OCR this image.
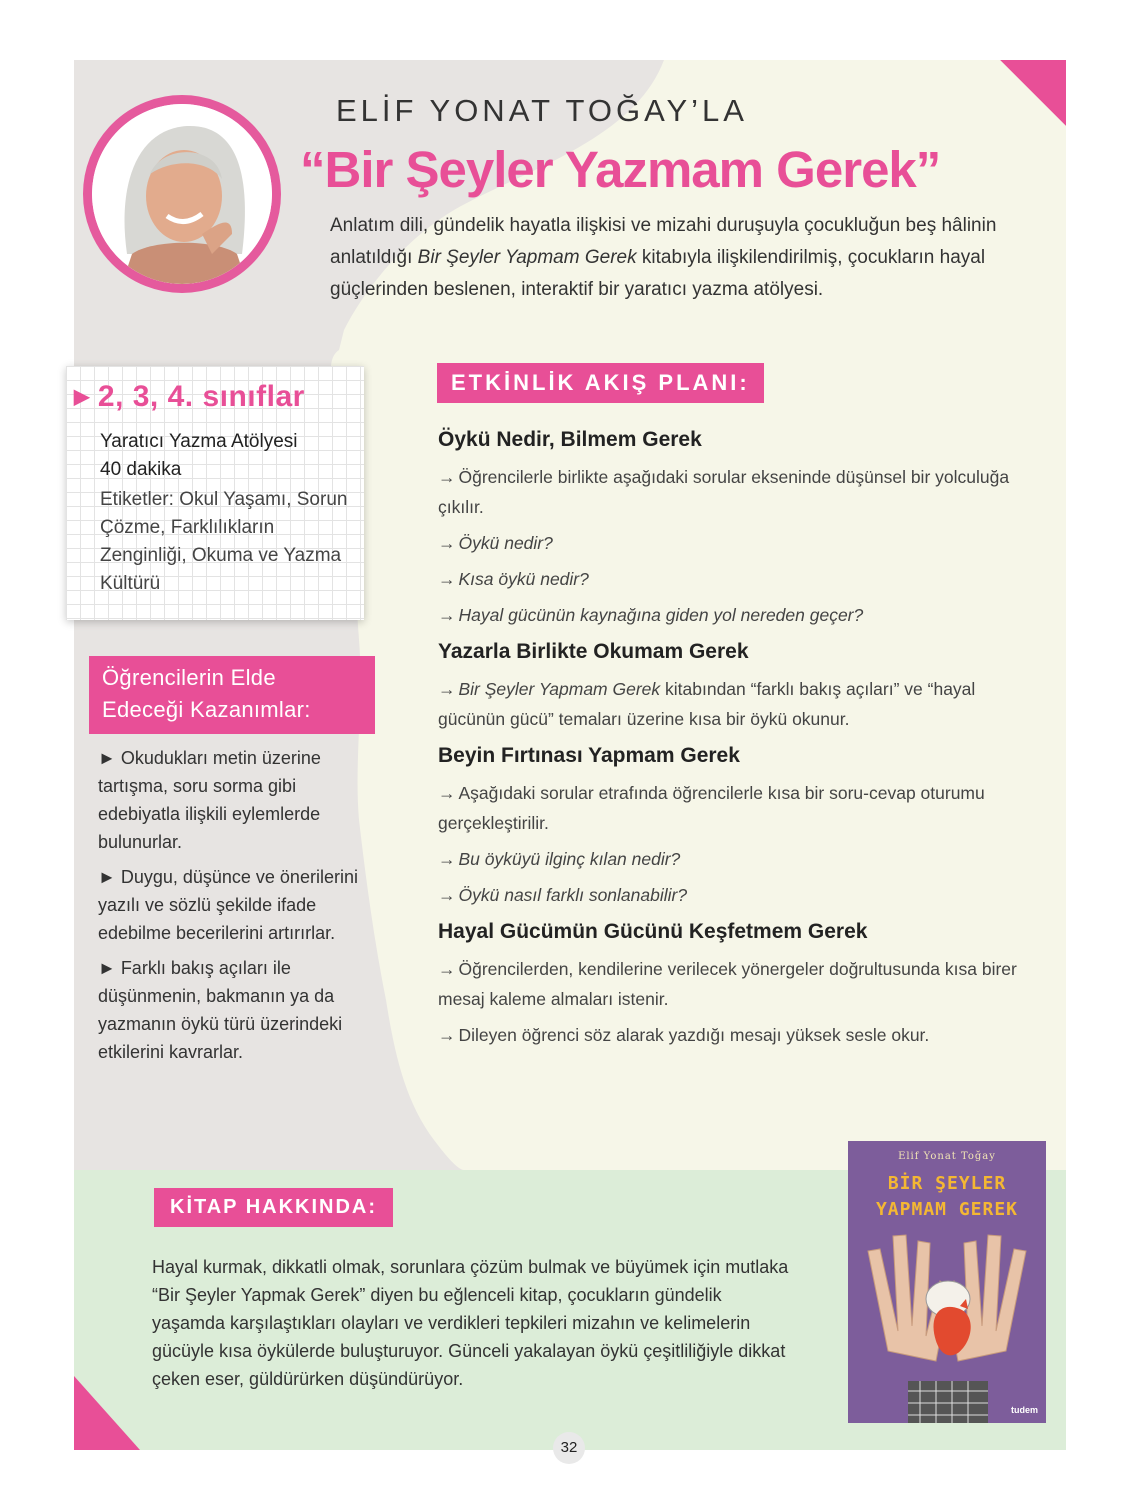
ELİF YONAT TOĞAY’LA
“Bir Şeyler Yazmam Gerek”

Anlatım dili, gündelik hayatla ilişkisi ve mizahi duruşuyla çocukluğun beş hâlinin anlatıldığı Bir Şeyler Yapmam Gerek kitabıyla ilişkilendirilmiş, çocukların hayal güçlerinden beslenen, interaktif bir yaratıcı yazma atölyesi.

▶ 2, 3, 4. sınıflar
Yaratıcı Yazma Atölyesi
40 dakika
Etiketler: Okul Yaşamı, Sorun Çözme, Farklılıkların Zenginliği, Okuma ve Yazma Kültürü
Öğrencilerin Elde Edeceği Kazanımlar:
► Okudukları metin üzerine tartışma, soru sorma gibi edebiyatla ilişkili eylemlerde bulunurlar.
► Duygu, düşünce ve önerilerini yazılı ve sözlü şekilde ifade edebilme becerilerini artırırlar.
► Farklı bakış açıları ile düşünmenin, bakmanın ya da yazmanın öykü türü üzerindeki etkilerini kavrarlar.
ETKİNLİK AKIŞ PLANI:
Öykü Nedir, Bilmem Gerek

→ Öğrencilerle birlikte aşağıdaki sorular ekseninde düşünsel bir yolculuğa çıkılır.

→ Öykü nedir?

→ Kısa öykü nedir?

→ Hayal gücünün kaynağına giden yol nereden geçer?

Yazarla Birlikte Okumam Gerek

→ Bir Şeyler Yapmam Gerek kitabından “farklı bakış açıları” ve “hayal gücünün gücü” temaları üzerine kısa bir öykü okunur.

Beyin Fırtınası Yapmam Gerek

→ Aşağıdaki sorular etrafında öğrencilerle kısa bir soru-cevap oturumu gerçekleştirilir.

→ Bu öyküyü ilginç kılan nedir?

→ Öykü nasıl farklı sonlanabilir?

Hayal Gücümün Gücünü Keşfetmem Gerek

→ Öğrencilerden, kendilerine verilecek yönergeler doğrultusunda kısa birer mesaj kaleme almaları istenir.

→ Dileyen öğrenci söz alarak yazdığı mesajı yüksek sesle okur.

KİTAP HAKKINDA:

Hayal kurmak, dikkatli olmak, sorunlara çözüm bulmak ve büyümek için mutlaka “Bir Şeyler Yapmak Gerek” diyen bu eğlenceli kitap, çocukların gündelik yaşamda karşılaştıkları olayları ve verdikleri tepkileri mizahın ve kelimelerin gücüyle kısa öykülerde buluşturuyor. Günceli yakalayan öykü çeşitliliğiyle dikkat çeken eser, güldürürken düşündürüyor.

Elif Yonat Toğay
BİR ŞEYLER
YAPMAM GEREK
tudem
32
